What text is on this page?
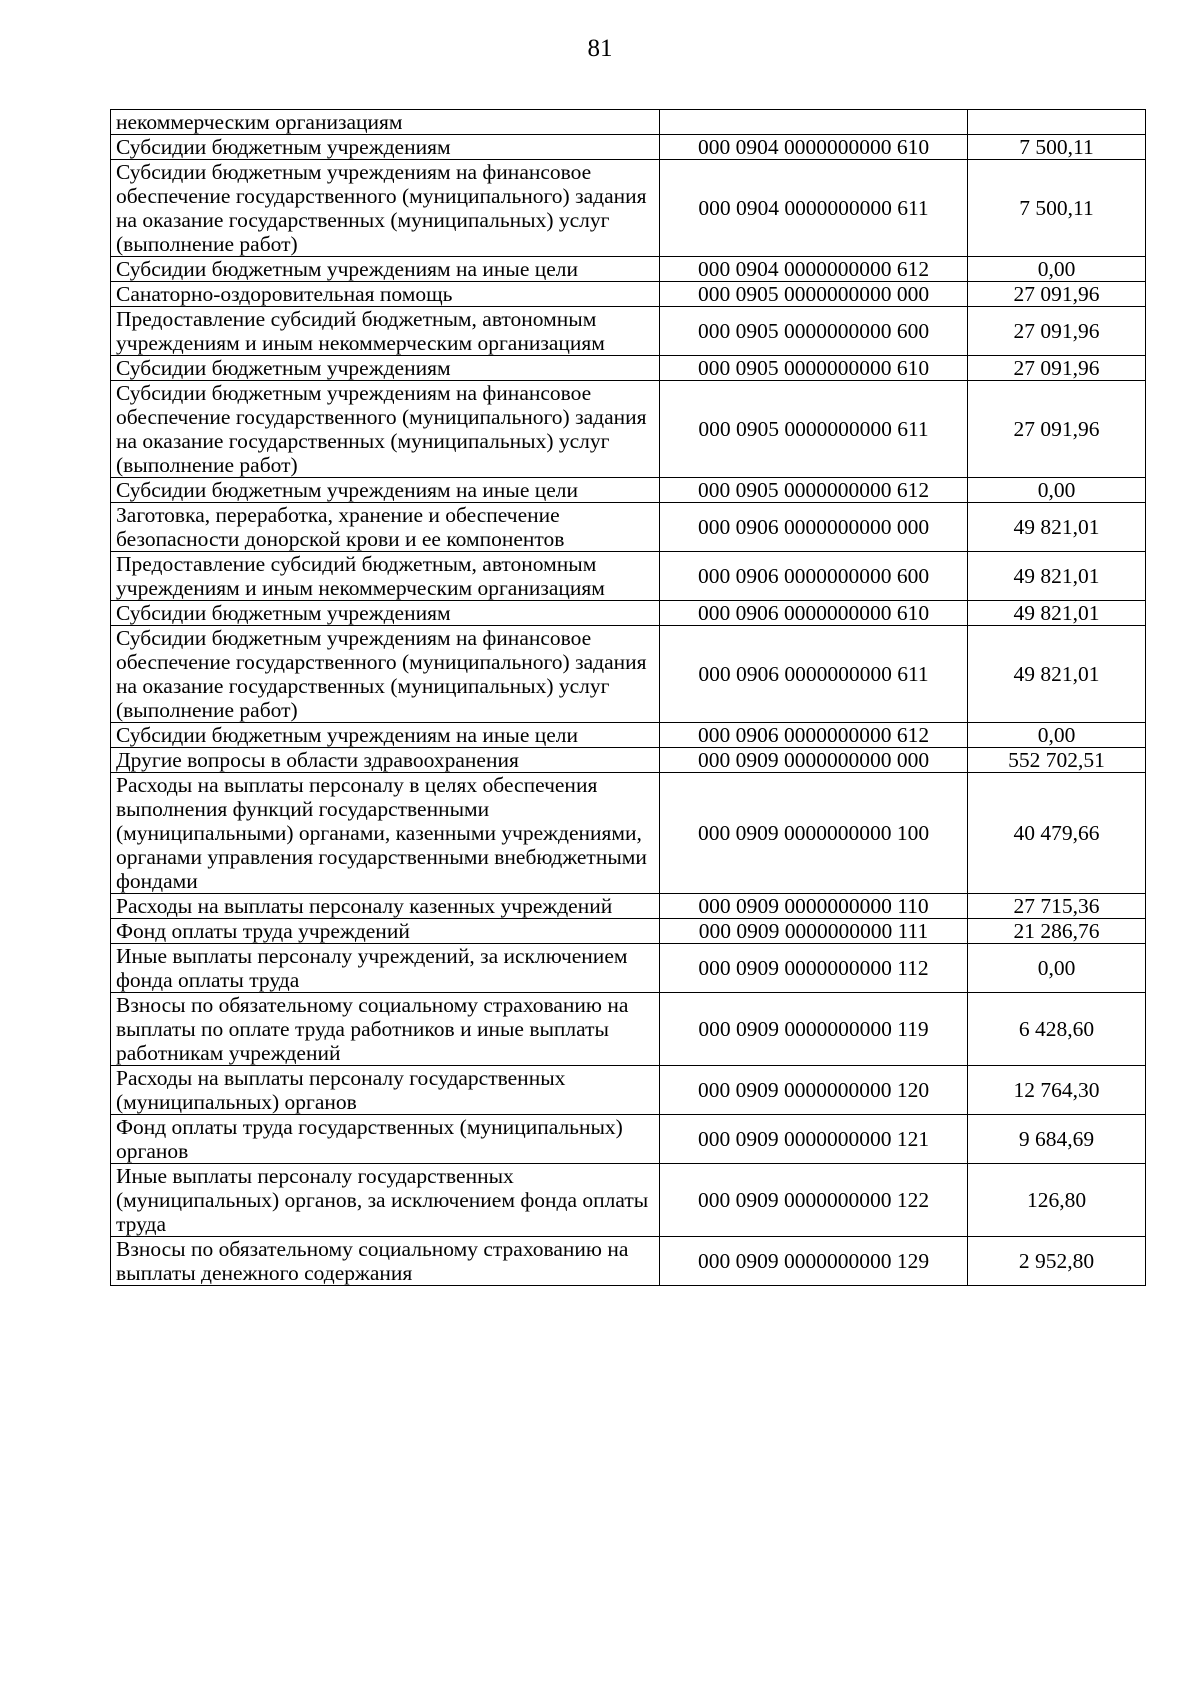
81
некоммерческим организациям		
Субсидии бюджетным учреждениям	000 0904 0000000000 610	7 500,11
Субсидии бюджетным учреждениям на финансовое обеспечение государственного (муниципального) задания на оказание государственных (муниципальных) услуг (выполнение работ)	000 0904 0000000000 611	7 500,11
Субсидии бюджетным учреждениям на иные цели	000 0904 0000000000 612	0,00
Санаторно-оздоровительная помощь	000 0905 0000000000 000	27 091,96
Предоставление субсидий бюджетным, автономным учреждениям и иным некоммерческим организациям	000 0905 0000000000 600	27 091,96
Субсидии бюджетным учреждениям	000 0905 0000000000 610	27 091,96
Субсидии бюджетным учреждениям на финансовое обеспечение государственного (муниципального) задания на оказание государственных (муниципальных) услуг (выполнение работ)	000 0905 0000000000 611	27 091,96
Субсидии бюджетным учреждениям на иные цели	000 0905 0000000000 612	0,00
Заготовка, переработка, хранение и обеспечение безопасности донорской крови и ее компонентов	000 0906 0000000000 000	49 821,01
Предоставление субсидий бюджетным, автономным учреждениям и иным некоммерческим организациям	000 0906 0000000000 600	49 821,01
Субсидии бюджетным учреждениям	000 0906 0000000000 610	49 821,01
Субсидии бюджетным учреждениям на финансовое обеспечение государственного (муниципального) задания на оказание государственных (муниципальных) услуг (выполнение работ)	000 0906 0000000000 611	49 821,01
Субсидии бюджетным учреждениям на иные цели	000 0906 0000000000 612	0,00
Другие вопросы в области здравоохранения	000 0909 0000000000 000	552 702,51
Расходы на выплаты персоналу в целях обеспечения выполнения функций государственными (муниципальными) органами, казенными учреждениями, органами управления государственными внебюджетными фондами	000 0909 0000000000 100	40 479,66
Расходы на выплаты персоналу казенных учреждений	000 0909 0000000000 110	27 715,36
Фонд оплаты труда учреждений	000 0909 0000000000 111	21 286,76
Иные выплаты персоналу учреждений, за исключением фонда оплаты труда	000 0909 0000000000 112	0,00
Взносы по обязательному социальному страхованию на выплаты по оплате труда работников и иные выплаты работникам учреждений	000 0909 0000000000 119	6 428,60
Расходы на выплаты персоналу государственных (муниципальных) органов	000 0909 0000000000 120	12 764,30
Фонд оплаты труда государственных (муниципальных) органов	000 0909 0000000000 121	9 684,69
Иные выплаты персоналу государственных (муниципальных) органов, за исключением фонда оплаты труда	000 0909 0000000000 122	126,80
Взносы по обязательному социальному страхованию на выплаты денежного содержания	000 0909 0000000000 129	2 952,80
